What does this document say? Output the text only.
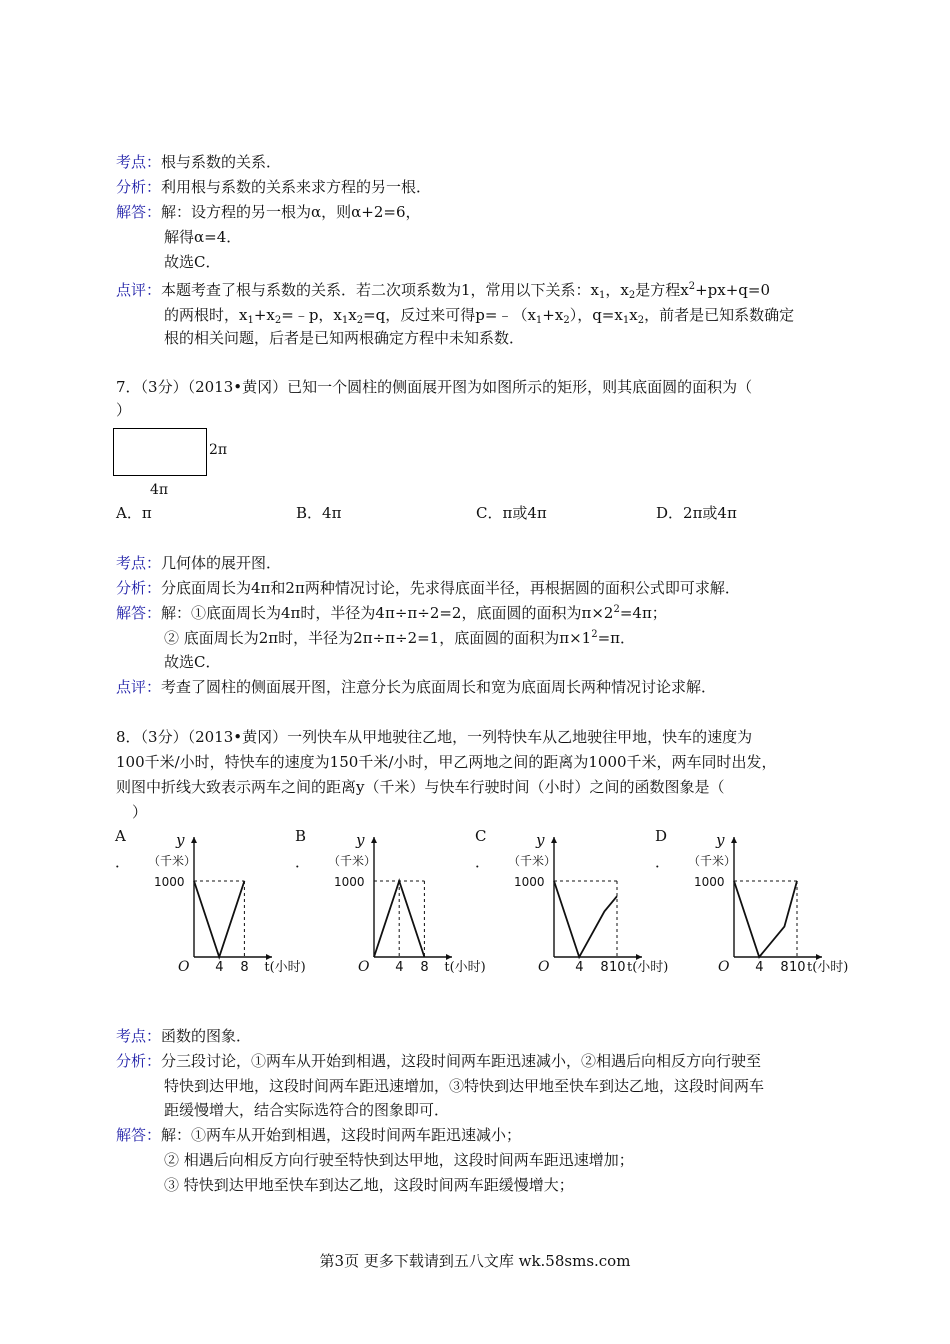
考点：根与系数的关系．
分析：利用根与系数的关系来求方程的另一根．
解答：解：设方程的另一根为α，则α+2=6，
解得α=4．
故选C．
点评：本题考查了根与系数的关系．若二次项系数为1，常用以下关系：$x_1$，$x_2$是方程$x^2+px+q=0$
的两根时，$x_1+x_2=﹣p$，$x_1x_2=q$，反过来可得$p=﹣(x_1+x_2)$，$q=x_1x_2$，前者是已知系数确定
根的相关问题，后者是已知两根确定方程中未知系数．
7．（3分）（2013•黄冈）已知一个圆柱的侧面展开图为如图所示的矩形，则其底面圆的面积为（
）
2π
4π
A．π	B．4π	C．π或4π	D．2π或4π
考点：几何体的展开图．
分析：分底面周长为4π和2π两种情况讨论，先求得底面半径，再根据圆的面积公式即可求解．
解答：解：①底面周长为4π时，半径为4π÷π÷2=2，底面圆的面积为$\pi\times 2^2=4\pi$；
② 底面周长为2π时，半径为2π÷π÷2=1，底面圆的面积为$\pi\times 1^2=\pi$．
故选C．
点评：考查了圆柱的侧面展开图，注意分长为底面周长和宽为底面周长两种情况讨论求解．
8．（3分）（2013•黄冈）一列快车从甲地驶往乙地，一列特快车从乙地驶往甲地，快车的速度为
100千米/小时，特快车的速度为150千米/小时，甲乙两地之间的距离为1000千米，两车同时出发，
则图中折线大致表示两车之间的距离y（千米）与快车行驶时间（小时）之间的函数图象是（
）
A
．
y
（千米）
1000
O 4 8 t(小时)
B
．
y
（千米）
1000
O 4 8 t(小时)
C
．
y
（千米）
1000
O 4 8 10 t(小时)
D
．
y
（千米）
1000
O 4 8 10 t(小时)
考点：函数的图象．
分析：分三段讨论，①两车从开始到相遇，这段时间两车距迅速减小，②相遇后向相反方向行驶至
特快到达甲地，这段时间两车距迅速增加，③特快到达甲地至快车到达乙地，这段时间两车
距缓慢增大，结合实际选符合的图象即可．
解答：解：①两车从开始到相遇，这段时间两车距迅速减小；
② 相遇后向相反方向行驶至特快到达甲地，这段时间两车距迅速增加；
③ 特快到达甲地至快车到达乙地，这段时间两车距缓慢增大；
第3页 更多下载请到五八文库 wk.58sms.com
